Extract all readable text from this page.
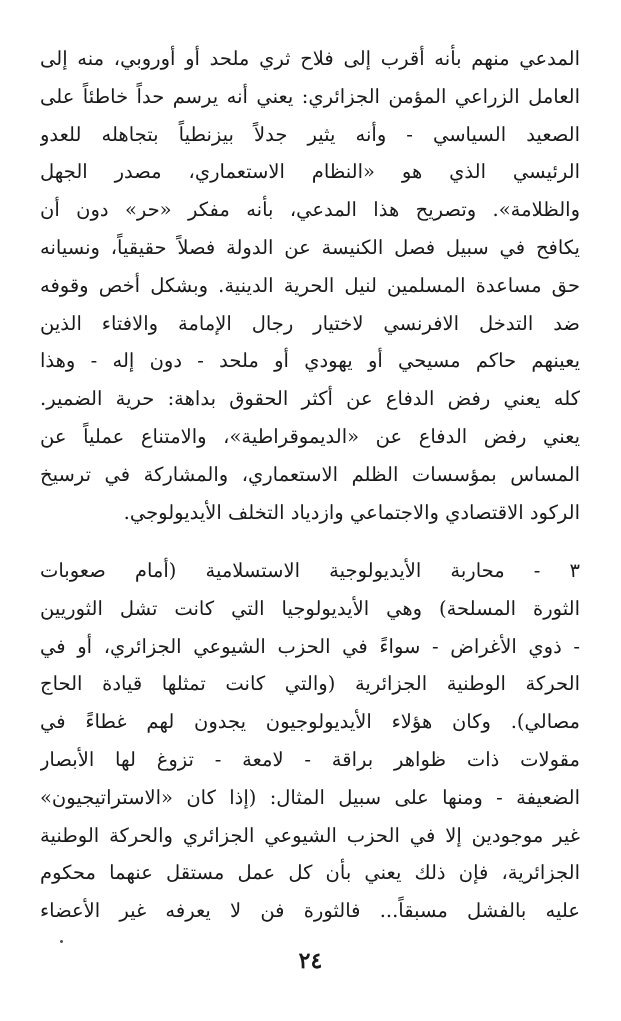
المدعي منهم بأنه أقرب إلى فلاح ثري ملحد أو أوروبي، منه إلى
العامل الزراعي المؤمن الجزائري: يعني أنه يرسم حداً خاطئاً على
الصعيد السياسي - وأنه يثير جدلاً بيزنطياً بتجاهله للعدو
الرئيسي الذي هو «النظام الاستعماري، مصدر الجهل
والظلامة». وتصريح هذا المدعي، بأنه مفكر «حر» دون أن
يكافح في سبيل فصل الكنيسة عن الدولة فصلاً حقيقياً، ونسيانه
حق مساعدة المسلمين لنيل الحرية الدينية. وبشكل أخص وقوفه
ضد التدخل الافرنسي لاختيار رجال الإمامة والافتاء الذين
يعينهم حاكم مسيحي أو يهودي أو ملحد - دون إله - وهذا
كله يعني رفض الدفاع عن أكثر الحقوق بداهة: حرية الضمير.
يعني رفض الدفاع عن «الديموقراطية»، والامتناع عملياً عن
المساس بمؤسسات الظلم الاستعماري، والمشاركة في ترسيخ
الركود الاقتصادي والاجتماعي وازدياد التخلف الأيديولوجي.
٣ - محاربة الأيديولوجية الاستسلامية (أمام صعوبات
الثورة المسلحة) وهي الأيديولوجيا التي كانت تشل الثوريين
- ذوي الأغراض - سواءً في الحزب الشيوعي الجزائري، أو في
الحركة الوطنية الجزائرية (والتي كانت تمثلها قيادة الحاج
مصالي). وكان هؤلاء الأيديولوجيون يجدون لهم غطاءً في
مقولات ذات ظواهر براقة - لامعة - تزوغ لها الأبصار
الضعيفة - ومنها على سبيل المثال: (إذا كان «الاستراتيجيون»
غير موجودين إلا في الحزب الشيوعي الجزائري والحركة الوطنية
الجزائرية، فإن ذلك يعني بأن كل عمل مستقل عنهما محكوم
عليه بالفشل مسبقاً... فالثورة فن لا يعرفه غير الأعضاء
٢٤
